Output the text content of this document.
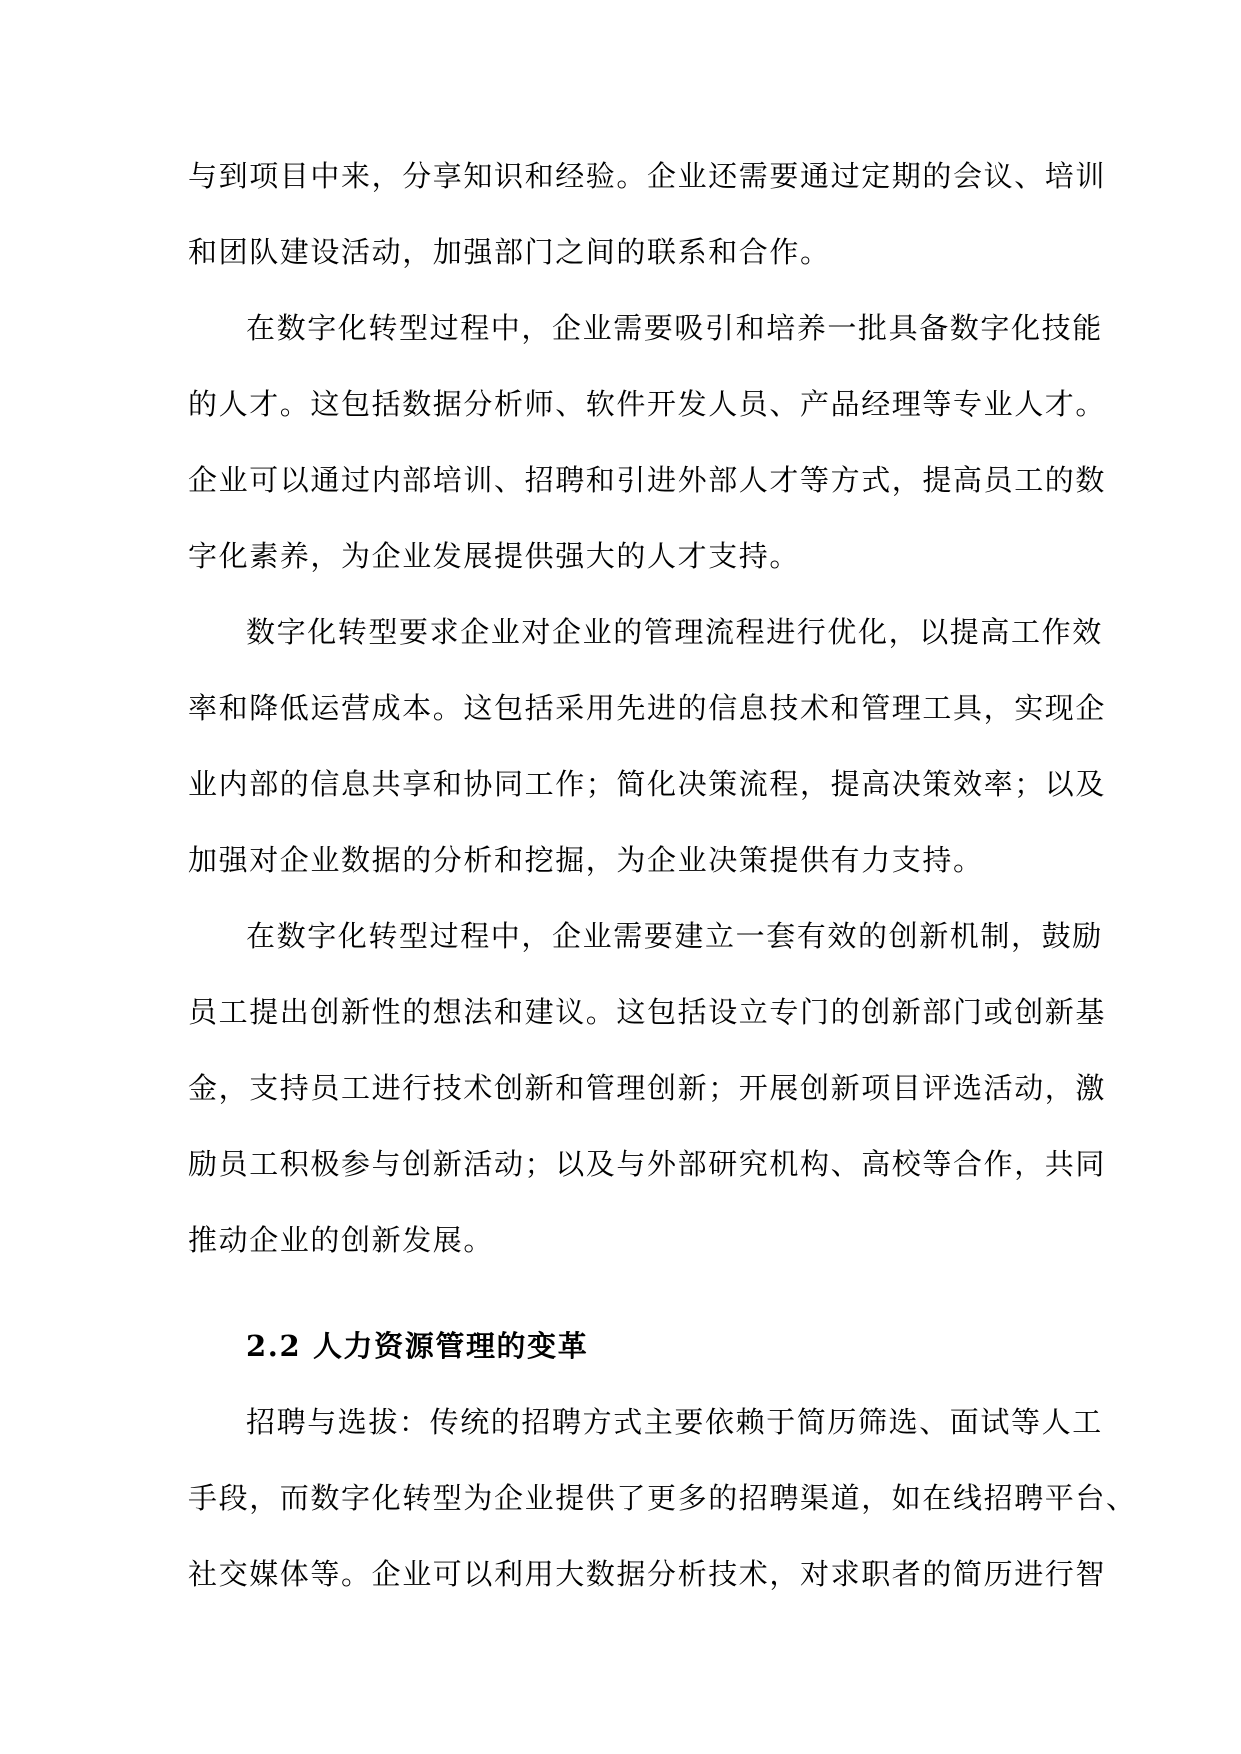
与到项目中来，分享知识和经验。企业还需要通过定期的会议、培训
和团队建设活动，加强部门之间的联系和合作。
在数字化转型过程中，企业需要吸引和培养一批具备数字化技能
的人才。这包括数据分析师、软件开发人员、产品经理等专业人才。
企业可以通过内部培训、招聘和引进外部人才等方式，提高员工的数
字化素养，为企业发展提供强大的人才支持。
数字化转型要求企业对企业的管理流程进行优化，以提高工作效
率和降低运营成本。这包括采用先进的信息技术和管理工具，实现企
业内部的信息共享和协同工作；简化决策流程，提高决策效率；以及
加强对企业数据的分析和挖掘，为企业决策提供有力支持。
在数字化转型过程中，企业需要建立一套有效的创新机制，鼓励
员工提出创新性的想法和建议。这包括设立专门的创新部门或创新基
金，支持员工进行技术创新和管理创新；开展创新项目评选活动，激
励员工积极参与创新活动；以及与外部研究机构、高校等合作，共同
推动企业的创新发展。
2.2 人力资源管理的变革
招聘与选拔：传统的招聘方式主要依赖于简历筛选、面试等人工
手段，而数字化转型为企业提供了更多的招聘渠道，如在线招聘平台、
社交媒体等。企业可以利用大数据分析技术，对求职者的简历进行智
